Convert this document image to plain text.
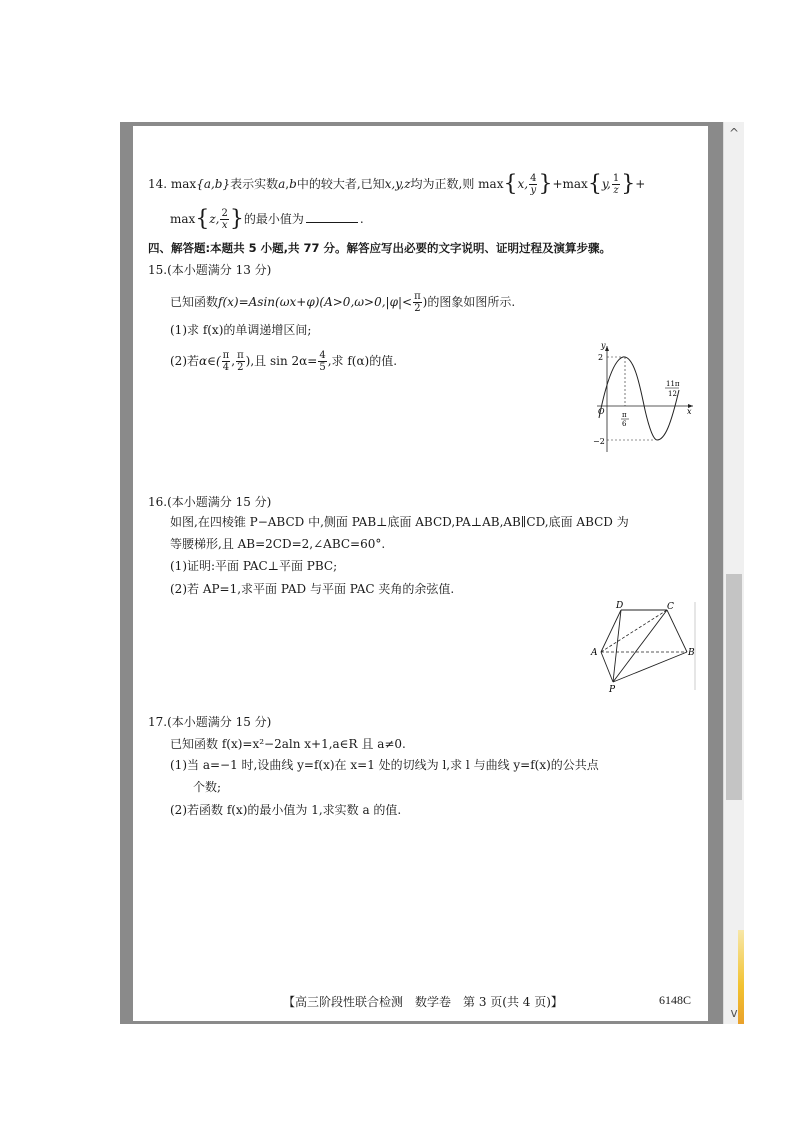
14. max{a,b}表示实数a,b中的较大者,已知x,y,z均为正数,则 max{x, $\frac{4}{y} \}+\max\{y$, $\frac{1}{z}$ }+
max{z, $\frac{2}{x}$ }的最小值为	.
四、解答题:本题共 5 小题,共 77 分。解答应写出必要的文字说明、证明过程及演算步骤。
15.(本小题满分 13 分)
已知函数$f(x)=Asin(\omega x+\varphi)(A>0,\omega>0,|\varphi|< \frac{\pi}{2}$ )的图象如图所示.
(1)求 f(x)的单调递增区间;
(2)若α∈( $\frac{\pi}{4}$ , $\frac{\pi}{2}$ ),且 $\sin 2\alpha= \frac{4}{5}$ ,求 f(α)的值.
y
x
O
2
−2
π
6
11π
12
16.(本小题满分 15 分)
如图,在四棱锥 P−ABCD 中,侧面 PAB⊥底面 ABCD,PA⊥AB,AB∥CD,底面 ABCD 为
等腰梯形,且 AB=2CD=2,∠ABC=60°.
(1)证明:平面 PAC⊥平面 PBC;
(2)若 AP=1,求平面 PAD 与平面 PAC 夹角的余弦值.
D	C
A	B
P
17.(本小题满分 15 分)
已知函数 f(x)=x²−2aln x+1,a∈R 且 a≠0.
(1)当 a=−1 时,设曲线 y=f(x)在 x=1 处的切线为 l,求 l 与曲线 y=f(x)的公共点
个数;
(2)若函数 f(x)的最小值为 1,求实数 a 的值.
【高三阶段性联合检测　数学卷　第 3 页(共 4 页)】	6148C
^
v
